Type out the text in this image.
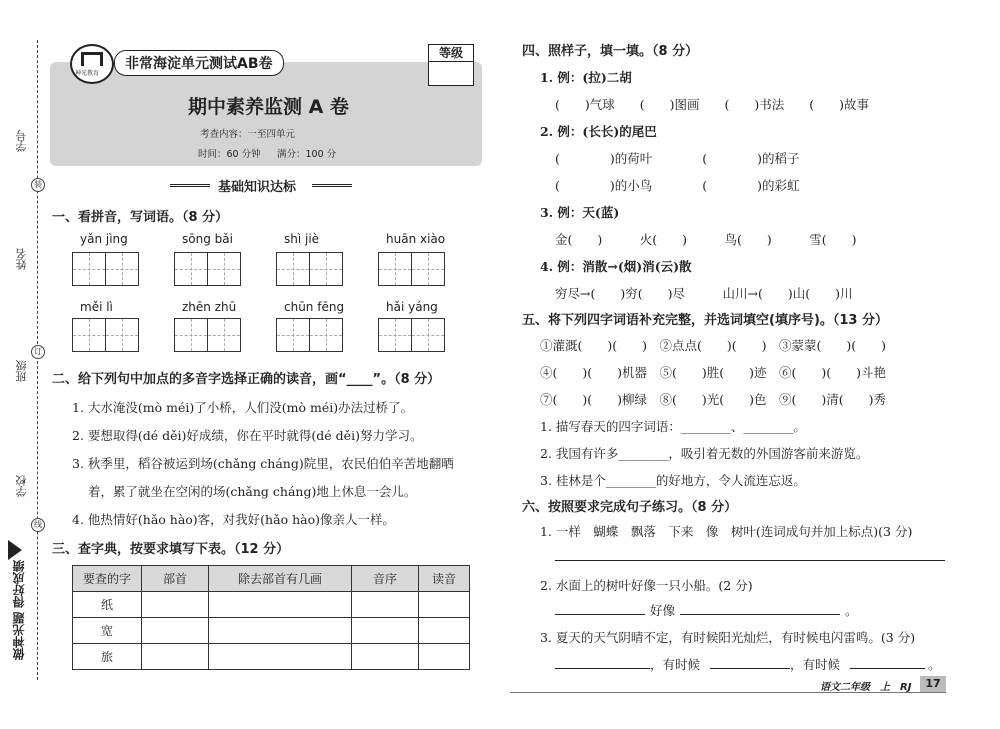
学号
姓名
班级
学校
装
订
线
做神光题 得好成绩
神光教育
非常海淀单元测试AB卷
等级
期中素养监测 A 卷
考查内容：一至四单元
时间：60 分钟 满分：100 分
基础知识达标
一、看拼音，写词语。（8 分）
yǎn jìng	sōng bǎi	shì jiè	huān xiào
měi lì	zhēn zhū	chūn fēng	hǎi yáng
二、给下列句中加点的多音字选择正确的读音，画“____”。（8 分）
1. 大水淹没(mò méi)了小桥，人们没(mò méi)办法过桥了。
2. 要想取得(dé děi)好成绩，你在平时就得(dé děi)努力学习。
3. 秋季里，稻谷被运到场(chǎng cháng)院里，农民伯伯辛苦地翻晒
着，累了就坐在空闲的场(chǎng cháng)地上休息一会儿。
4. 他热情好(hǎo hào)客，对我好(hǎo hào)像亲人一样。
三、查字典，按要求填写下表。（12 分）
要查的字	部首	除去部首有几画	音序	读音
纸				
宽				
旅				
四、照样子，填一填。（8 分）
1. 例：(拉)二胡
(　　)气球　　(　　)图画　　(　　)书法　　(　　)故事
2. 例：(长长)的尾巴
(　　　　)的荷叶　　　　(　　　　)的稻子
(　　　　)的小鸟　　　　(　　　　)的彩虹
3. 例：天(蓝)
金(　　)　　　火(　　)　　　鸟(　　)　　　雪(　　)
4. 例：消散→(烟)消(云)散
穷尽→(　　)穷(　　)尽　　　山川→(　　)山(　　)川
五、将下列四字词语补充完整，并选词填空(填序号)。（13 分）
①灌溉(　　)(　　)　②点点(　　)(　　)　③蒙蒙(　　)(　　)
④(　　)(　　)机器　⑤(　　)胜(　　)迹　⑥(　　)(　　)斗艳
⑦(　　)(　　)柳绿　⑧(　　)光(　　)色　⑨(　　)清(　　)秀
1. 描写春天的四字词语：________、________。
2. 我国有许多________，吸引着无数的外国游客前来游览。
3. 桂林是个________的好地方，令人流连忘返。
六、按照要求完成句子练习。（8 分）
1. 一样　蝴蝶　飘落　下来　像　树叶(连词成句并加上标点)(3 分)
2. 水面上的树叶好像一只小船。(2 分)
好像	。
3. 夏天的天气阴晴不定，有时候阳光灿烂，有时候电闪雷鸣。(3 分)
，有时候	，有时候	。
语文二年级　上　RJ	17
